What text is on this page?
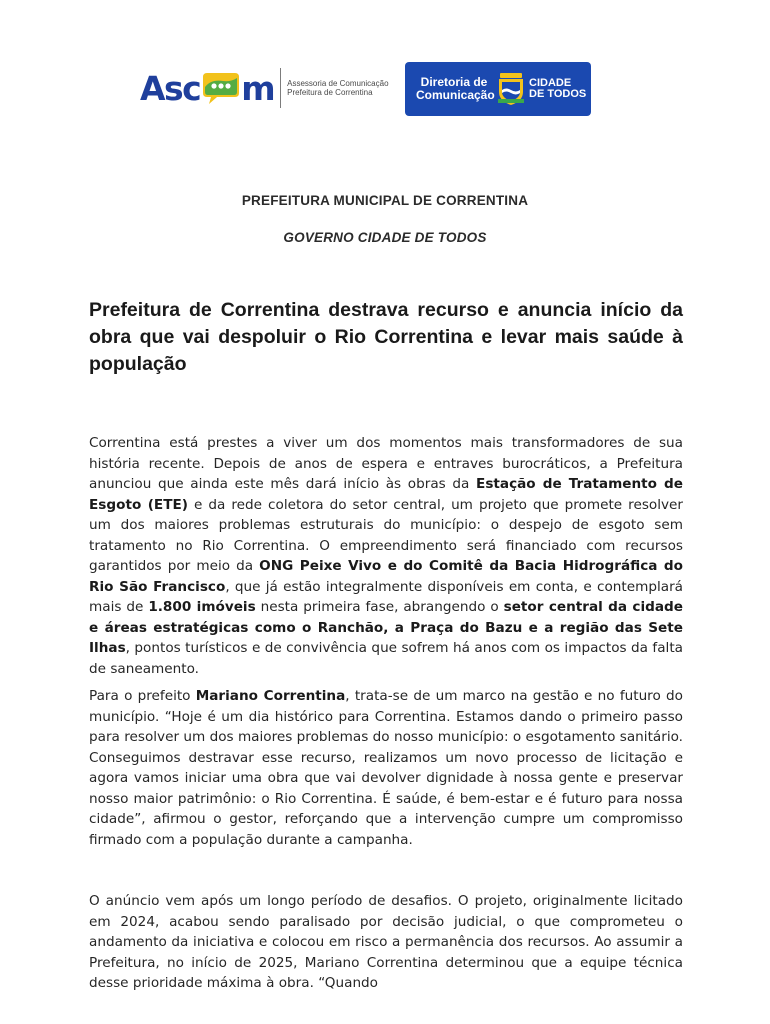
Asc m Assessoria de Comunicação
Prefeitura de Correntina
Diretoria de
Comunicação
CIDADE
DE TODOS
PREFEITURA MUNICIPAL DE CORRENTINA
GOVERNO CIDADE DE TODOS
Prefeitura de Correntina destrava recurso e anuncia início da obra que vai despoluir o Rio Correntina e levar mais saúde à população

Correntina está prestes a viver um dos momentos mais transformadores de sua história recente. Depois de anos de espera e entraves burocráticos, a Prefeitura anunciou que ainda este mês dará início às obras da Estação de Tratamento de Esgoto (ETE) e da rede coletora do setor central, um projeto que promete resolver um dos maiores problemas estruturais do município: o despejo de esgoto sem tratamento no Rio Correntina. O empreendimento será financiado com recursos garantidos por meio da ONG Peixe Vivo e do Comitê da Bacia Hidrográfica do Rio São Francisco, que já estão integralmente disponíveis em conta, e contemplará mais de 1.800 imóveis nesta primeira fase, abrangendo o setor central da cidade e áreas estratégicas como o Ranchão, a Praça do Bazu e a região das Sete Ilhas, pontos turísticos e de convivência que sofrem há anos com os impactos da falta de saneamento.

Para o prefeito Mariano Correntina, trata-se de um marco na gestão e no futuro do município. “Hoje é um dia histórico para Correntina. Estamos dando o primeiro passo para resolver um dos maiores problemas do nosso município: o esgotamento sanitário. Conseguimos destravar esse recurso, realizamos um novo processo de licitação e agora vamos iniciar uma obra que vai devolver dignidade à nossa gente e preservar nosso maior patrimônio: o Rio Correntina. É saúde, é bem-estar e é futuro para nossa cidade”, afirmou o gestor, reforçando que a intervenção cumpre um compromisso firmado com a população durante a campanha.

O anúncio vem após um longo período de desafios. O projeto, originalmente licitado em 2024, acabou sendo paralisado por decisão judicial, o que comprometeu o andamento da iniciativa e colocou em risco a permanência dos recursos. Ao assumir a Prefeitura, no início de 2025, Mariano Correntina determinou que a equipe técnica desse prioridade máxima à obra. “Quando
